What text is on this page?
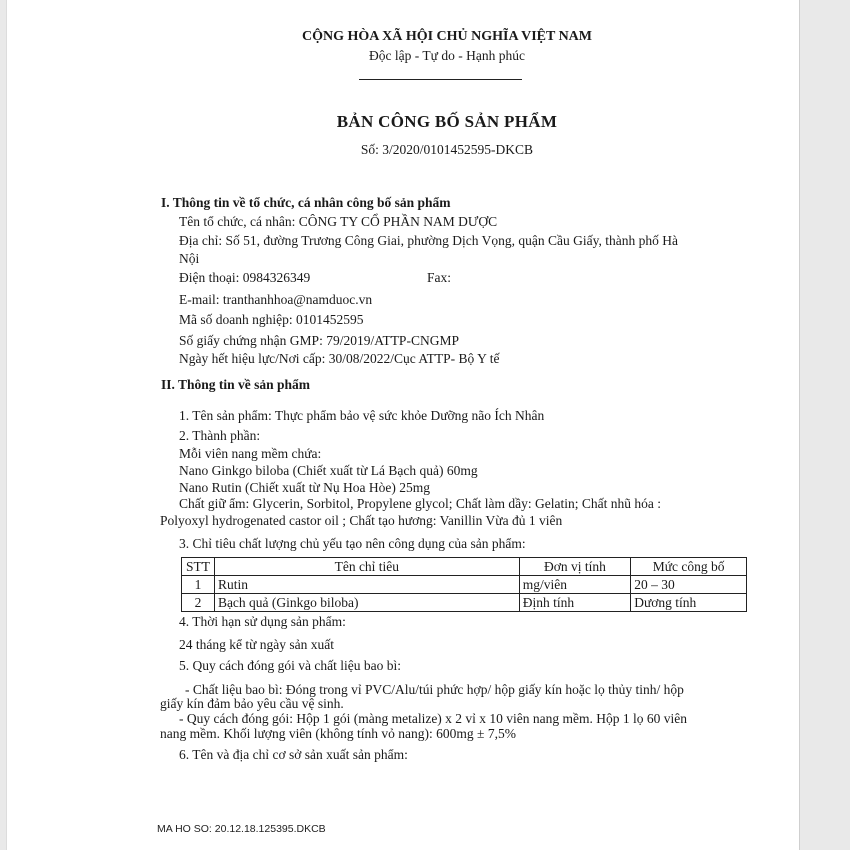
CỘNG HÒA XÃ HỘI CHỦ NGHĨA VIỆT NAM
Độc lập - Tự do - Hạnh phúc
BẢN CÔNG BỐ SẢN PHẨM
Số: 3/2020/0101452595-DKCB
I. Thông tin về tổ chức, cá nhân công bố sản phẩm
Tên tổ chức, cá nhân: CÔNG TY CỔ PHẦN NAM DƯỢC
Địa chỉ: Số 51, đường Trương Công Giai, phường Dịch Vọng, quận Cầu Giấy, thành phố Hà
Nội
Điện thoại: 0984326349	Fax:
E-mail: tranthanhhoa@namduoc.vn
Mã số doanh nghiệp: 0101452595
Số giấy chứng nhận GMP: 79/2019/ATTP-CNGMP
Ngày hết hiệu lực/Nơi cấp: 30/08/2022/Cục ATTP- Bộ Y tế
II. Thông tin về sản phẩm
1. Tên sản phẩm: Thực phẩm bảo vệ sức khỏe Dưỡng não Ích Nhân
2. Thành phần:
Mỗi viên nang mềm chứa:
Nano Ginkgo biloba (Chiết xuất từ Lá Bạch quả) 60mg
Nano Rutin (Chiết xuất từ Nụ Hoa Hòe) 25mg
Chất giữ ẩm: Glycerin, Sorbitol, Propylene glycol; Chất làm dầy: Gelatin; Chất nhũ hóa :
Polyoxyl hydrogenated castor oil ; Chất tạo hương: Vanillin Vừa đủ 1 viên
3. Chỉ tiêu chất lượng chủ yếu tạo nên công dụng của sản phẩm:
STT	Tên chỉ tiêu	Đơn vị tính	Mức công bố
1	Rutin	mg/viên	20 – 30
2	Bạch quả (Ginkgo biloba)	Định tính	Dương tính
4. Thời hạn sử dụng sản phẩm:
24 tháng kể từ ngày sản xuất
5. Quy cách đóng gói và chất liệu bao bì:
- Chất liệu bao bì: Đóng trong vỉ PVC/Alu/túi phức hợp/ hộp giấy kín hoặc lọ thủy tinh/ hộp
giấy kín đảm bảo yêu cầu vệ sinh.
- Quy cách đóng gói: Hộp 1 gói (màng metalize) x 2 vỉ x 10 viên nang mềm. Hộp 1 lọ 60 viên
nang mềm. Khối lượng viên (không tính vỏ nang): 600mg ± 7,5%
6. Tên và địa chỉ cơ sở sản xuất sản phẩm:
MA HO SO: 20.12.18.125395.DKCB
